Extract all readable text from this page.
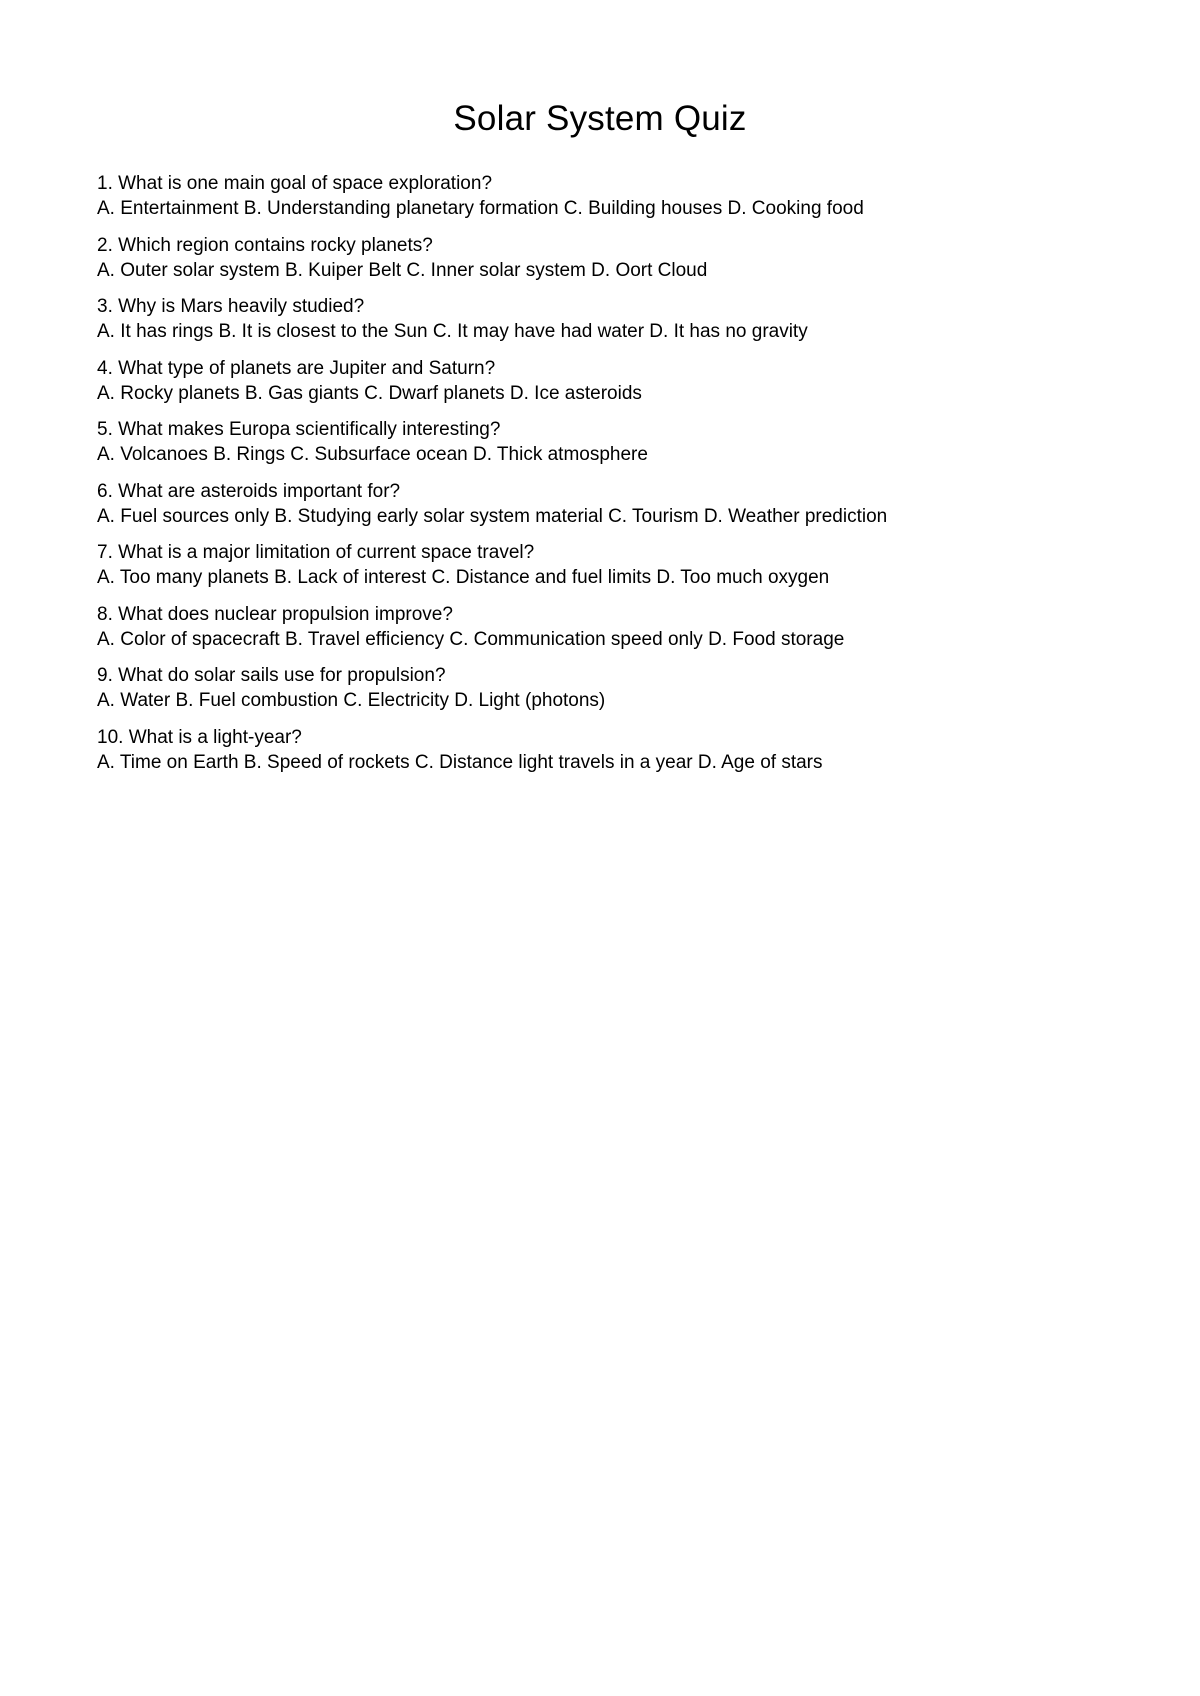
Solar System Quiz
1. What is one main goal of space exploration?
A. Entertainment B. Understanding planetary formation C. Building houses D. Cooking food
2. Which region contains rocky planets?
A. Outer solar system B. Kuiper Belt C. Inner solar system D. Oort Cloud
3. Why is Mars heavily studied?
A. It has rings B. It is closest to the Sun C. It may have had water D. It has no gravity
4. What type of planets are Jupiter and Saturn?
A. Rocky planets B. Gas giants C. Dwarf planets D. Ice asteroids
5. What makes Europa scientifically interesting?
A. Volcanoes B. Rings C. Subsurface ocean D. Thick atmosphere
6. What are asteroids important for?
A. Fuel sources only B. Studying early solar system material C. Tourism D. Weather prediction
7. What is a major limitation of current space travel?
A. Too many planets B. Lack of interest C. Distance and fuel limits D. Too much oxygen
8. What does nuclear propulsion improve?
A. Color of spacecraft B. Travel efficiency C. Communication speed only D. Food storage
9. What do solar sails use for propulsion?
A. Water B. Fuel combustion C. Electricity D. Light (photons)
10. What is a light-year?
A. Time on Earth B. Speed of rockets C. Distance light travels in a year D. Age of stars
